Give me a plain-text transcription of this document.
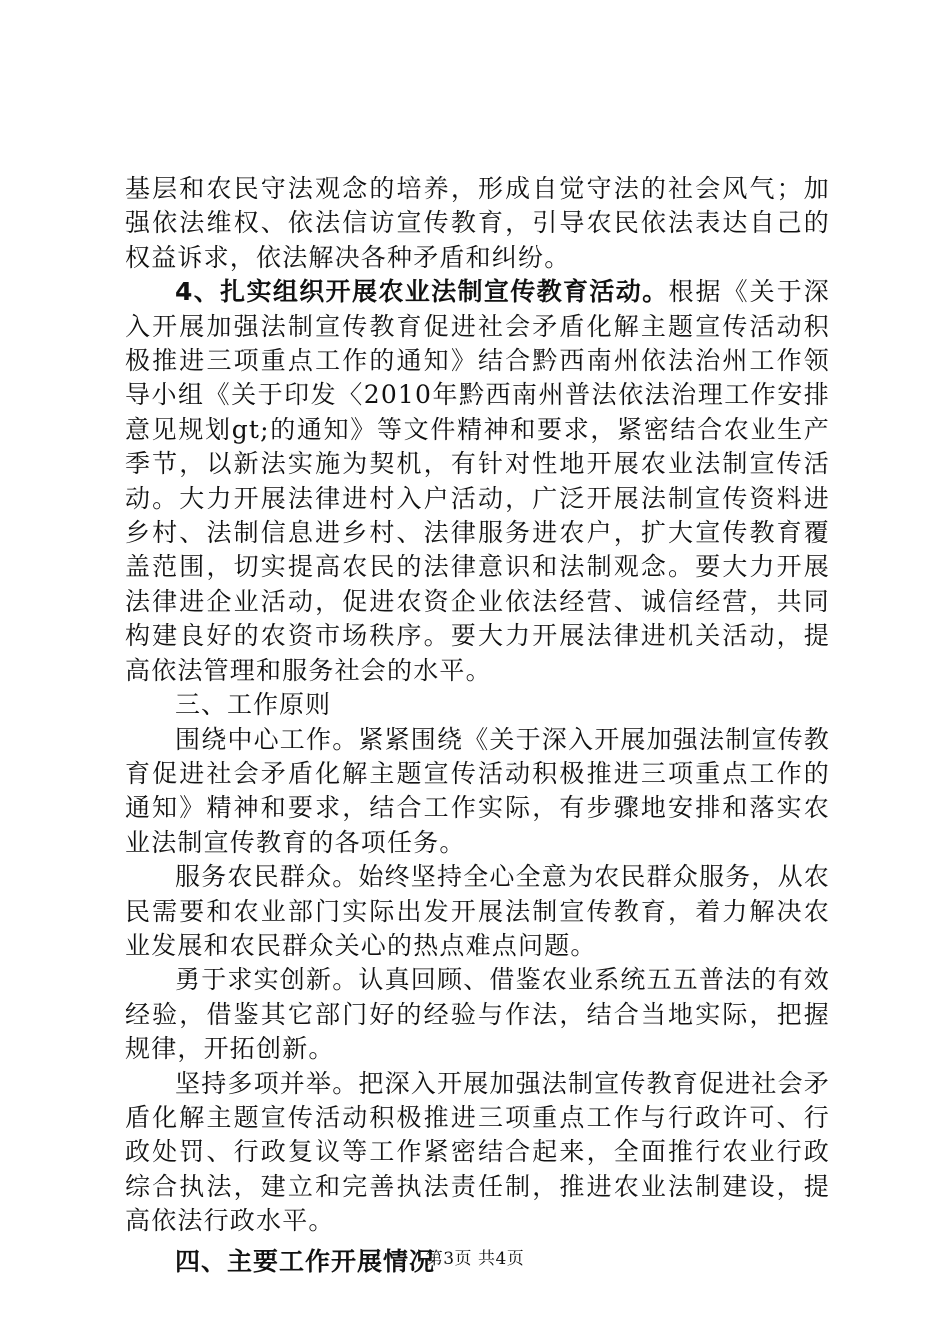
基层和农民守法观念的培养，形成自觉守法的社会风气；加强依法维权、依法信访宣传教育，引导农民依法表达自己的权益诉求，依法解决各种矛盾和纠纷。

4、扎实组织开展农业法制宣传教育活动。根据《关于深入开展加强法制宣传教育促进社会矛盾化解主题宣传活动积极推进三项重点工作的通知》结合黔西南州依法治州工作领导小组《关于印发〈2010年黔西南州普法依法治理工作安排意见规划gt;的通知》等文件精神和要求，紧密结合农业生产季节，以新法实施为契机，有针对性地开展农业法制宣传活动。大力开展法律进村入户活动，广泛开展法制宣传资料进乡村、法制信息进乡村、法律服务进农户，扩大宣传教育覆盖范围，切实提高农民的法律意识和法制观念。要大力开展法律进企业活动，促进农资企业依法经营、诚信经营，共同构建良好的农资市场秩序。要大力开展法律进机关活动，提高依法管理和服务社会的水平。

三、工作原则

围绕中心工作。紧紧围绕《关于深入开展加强法制宣传教育促进社会矛盾化解主题宣传活动积极推进三项重点工作的通知》精神和要求，结合工作实际，有步骤地安排和落实农业法制宣传教育的各项任务。

服务农民群众。始终坚持全心全意为农民群众服务，从农民需要和农业部门实际出发开展法制宣传教育，着力解决农业发展和农民群众关心的热点难点问题。

勇于求实创新。认真回顾、借鉴农业系统五五普法的有效经验，借鉴其它部门好的经验与作法，结合当地实际，把握规律，开拓创新。

坚持多项并举。把深入开展加强法制宣传教育促进社会矛盾化解主题宣传活动积极推进三项重点工作与行政许可、行政处罚、行政复议等工作紧密结合起来，全面推行农业行政综合执法，建立和完善执法责任制，推进农业法制建设，提高依法行政水平。

四、主要工作开展情况

第3页 共4页
